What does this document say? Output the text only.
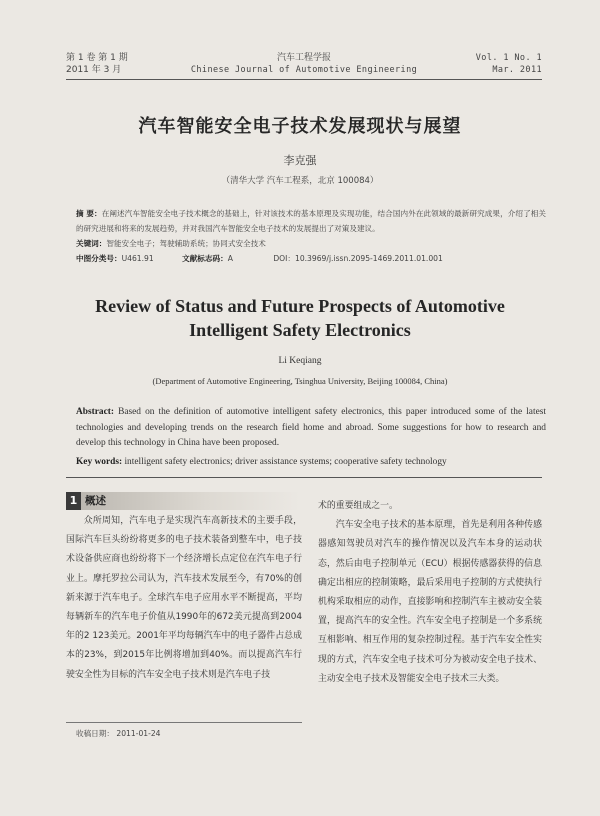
第 1 卷 第 1 期
2011 年 3 月
汽车工程学报
Chinese Journal of Automotive Engineering
Vol. 1 No. 1
Mar. 2011
汽车智能安全电子技术发展现状与展望
李克强
（清华大学 汽车工程系，北京 100084）
摘 要：在阐述汽车智能安全电子技术概念的基础上，针对该技术的基本原理及实现功能，结合国内外在此领域的最新研究成果，介绍了相关的研究进展和将来的发展趋势，并对我国汽车智能安全电子技术的发展提出了对策及建议。
关键词：智能安全电子；驾驶辅助系统；协同式安全技术
中图分类号：U461.91	文献标志码：A	DOI：10.3969/j.issn.2095-1469.2011.01.001
Review of Status and Future Prospects of Automotive
Intelligent Safety Electronics
Li Keqiang
(Department of Automotive Engineering, Tsinghua University, Beijing 100084, China)
Abstract: Based on the definition of automotive intelligent safety electronics, this paper introduced some of the latest technologies and developing trends on the research field home and abroad. Some suggestions for how to research and develop this technology in China have been proposed.
Key words: intelligent safety electronics; driver assistance systems; cooperative safety technology
1 概述

众所周知，汽车电子是实现汽车高新技术的主要手段，国际汽车巨头纷纷将更多的电子技术装备到整车中，电子技术设备供应商也纷纷将下一个经济增长点定位在汽车电子行业上。摩托罗拉公司认为，汽车技术发展至今，有70%的创新来源于汽车电子。全球汽车电子应用水平不断提高，平均每辆新车的汽车电子价值从1990年的672美元提高到2004年的2 123美元。2001年平均每辆汽车中的电子器件占总成本的23%，到2015年比例将增加到40%。而以提高汽车行驶安全性为目标的汽车安全电子技术则是汽车电子技

术的重要组成之一。

汽车安全电子技术的基本原理，首先是利用各种传感器感知驾驶员对汽车的操作情况以及汽车本身的运动状态，然后由电子控制单元（ECU）根据传感器获得的信息确定出相应的控制策略，最后采用电子控制的方式使执行机构采取相应的动作，直接影响和控制汽车主被动安全装置，提高汽车的安全性。汽车安全电子控制是一个多系统互相影响、相互作用的复杂控制过程。基于汽车安全性实现的方式，汽车安全电子技术可分为被动安全电子技术、主动安全电子技术及智能安全电子技术三大类。

收稿日期： 2011-01-24
